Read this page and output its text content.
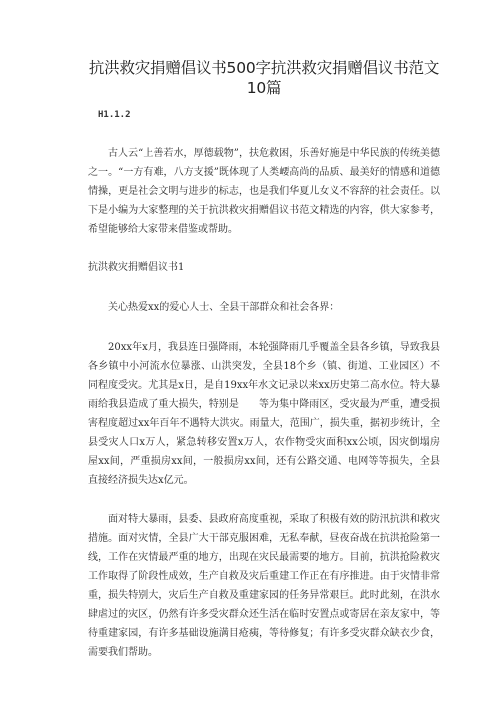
抗洪救灾捐赠倡议书500字抗洪救灾捐赠倡议书范文10篇
H1.1.2

古人云“上善若水，厚德载物”，扶危救困，乐善好施是中华民族的传统美德之一。“一方有难，八方支援”既体现了人类崾高尚的品质、最美好的情感和道德情操，更是社会文明与进步的标志，也是我们华夏儿女义不容辞的社会责任。以下是小编为大家整理的关于抗洪救灾捐赠倡议书范文精选的内容，供大家参考，希望能够给大家带来借鉴或帮助。

抗洪救灾捐赠倡议书1

关心热爱xx的爱心人士、全县干部群众和社会各界：

20xx年x月，我县连日强降雨，本轮强降雨几乎覆盖全县各乡镇，导致我县各乡镇中小河流水位暴涨、山洪突发，全县18个乡（镇、街道、工业园区）不同程度受灾。尤其是x日，是自19xx年水文记录以来xx历史第二高水位。特大暴雨给我县造成了重大损失，特别是　　等为集中降雨区，受灾最为严重，遭受损害程度超过xx年百年不遇特大洪灾。雨量大，范围广，损失重，据初步统计，全县受灾人口x万人，紧急转移安置x万人，农作物受灾面积xx公顷，因灾倒塌房屋xx间，严重损房xx间，一般损房xx间，还有公路交通、电网等等损失，全县直接经济损失达x亿元。

面对特大暴雨，县委、县政府高度重视，采取了积极有效的防汛抗洪和救灾措施。面对灾情，全县广大干部克服困难，无私奉献，昼夜奋战在抗洪抢险第一线，工作在灾情最严重的地方，出现在灾民最需要的地方。目前，抗洪抢险救灾工作取得了阶段性成效，生产自救及灾后重建工作正在有序推进。由于灾情非常重，损失特别大，灾后生产自救及重建家园的任务异常艰巨。此时此刻，在洪水肆虐过的灾区，仍然有许多受灾群众还生活在临时安置点或寄居在亲友家中，等待重建家园，有许多基础设施满目疮痍，等待修复；有许多受灾群众缺衣少食，需要我们帮助。
